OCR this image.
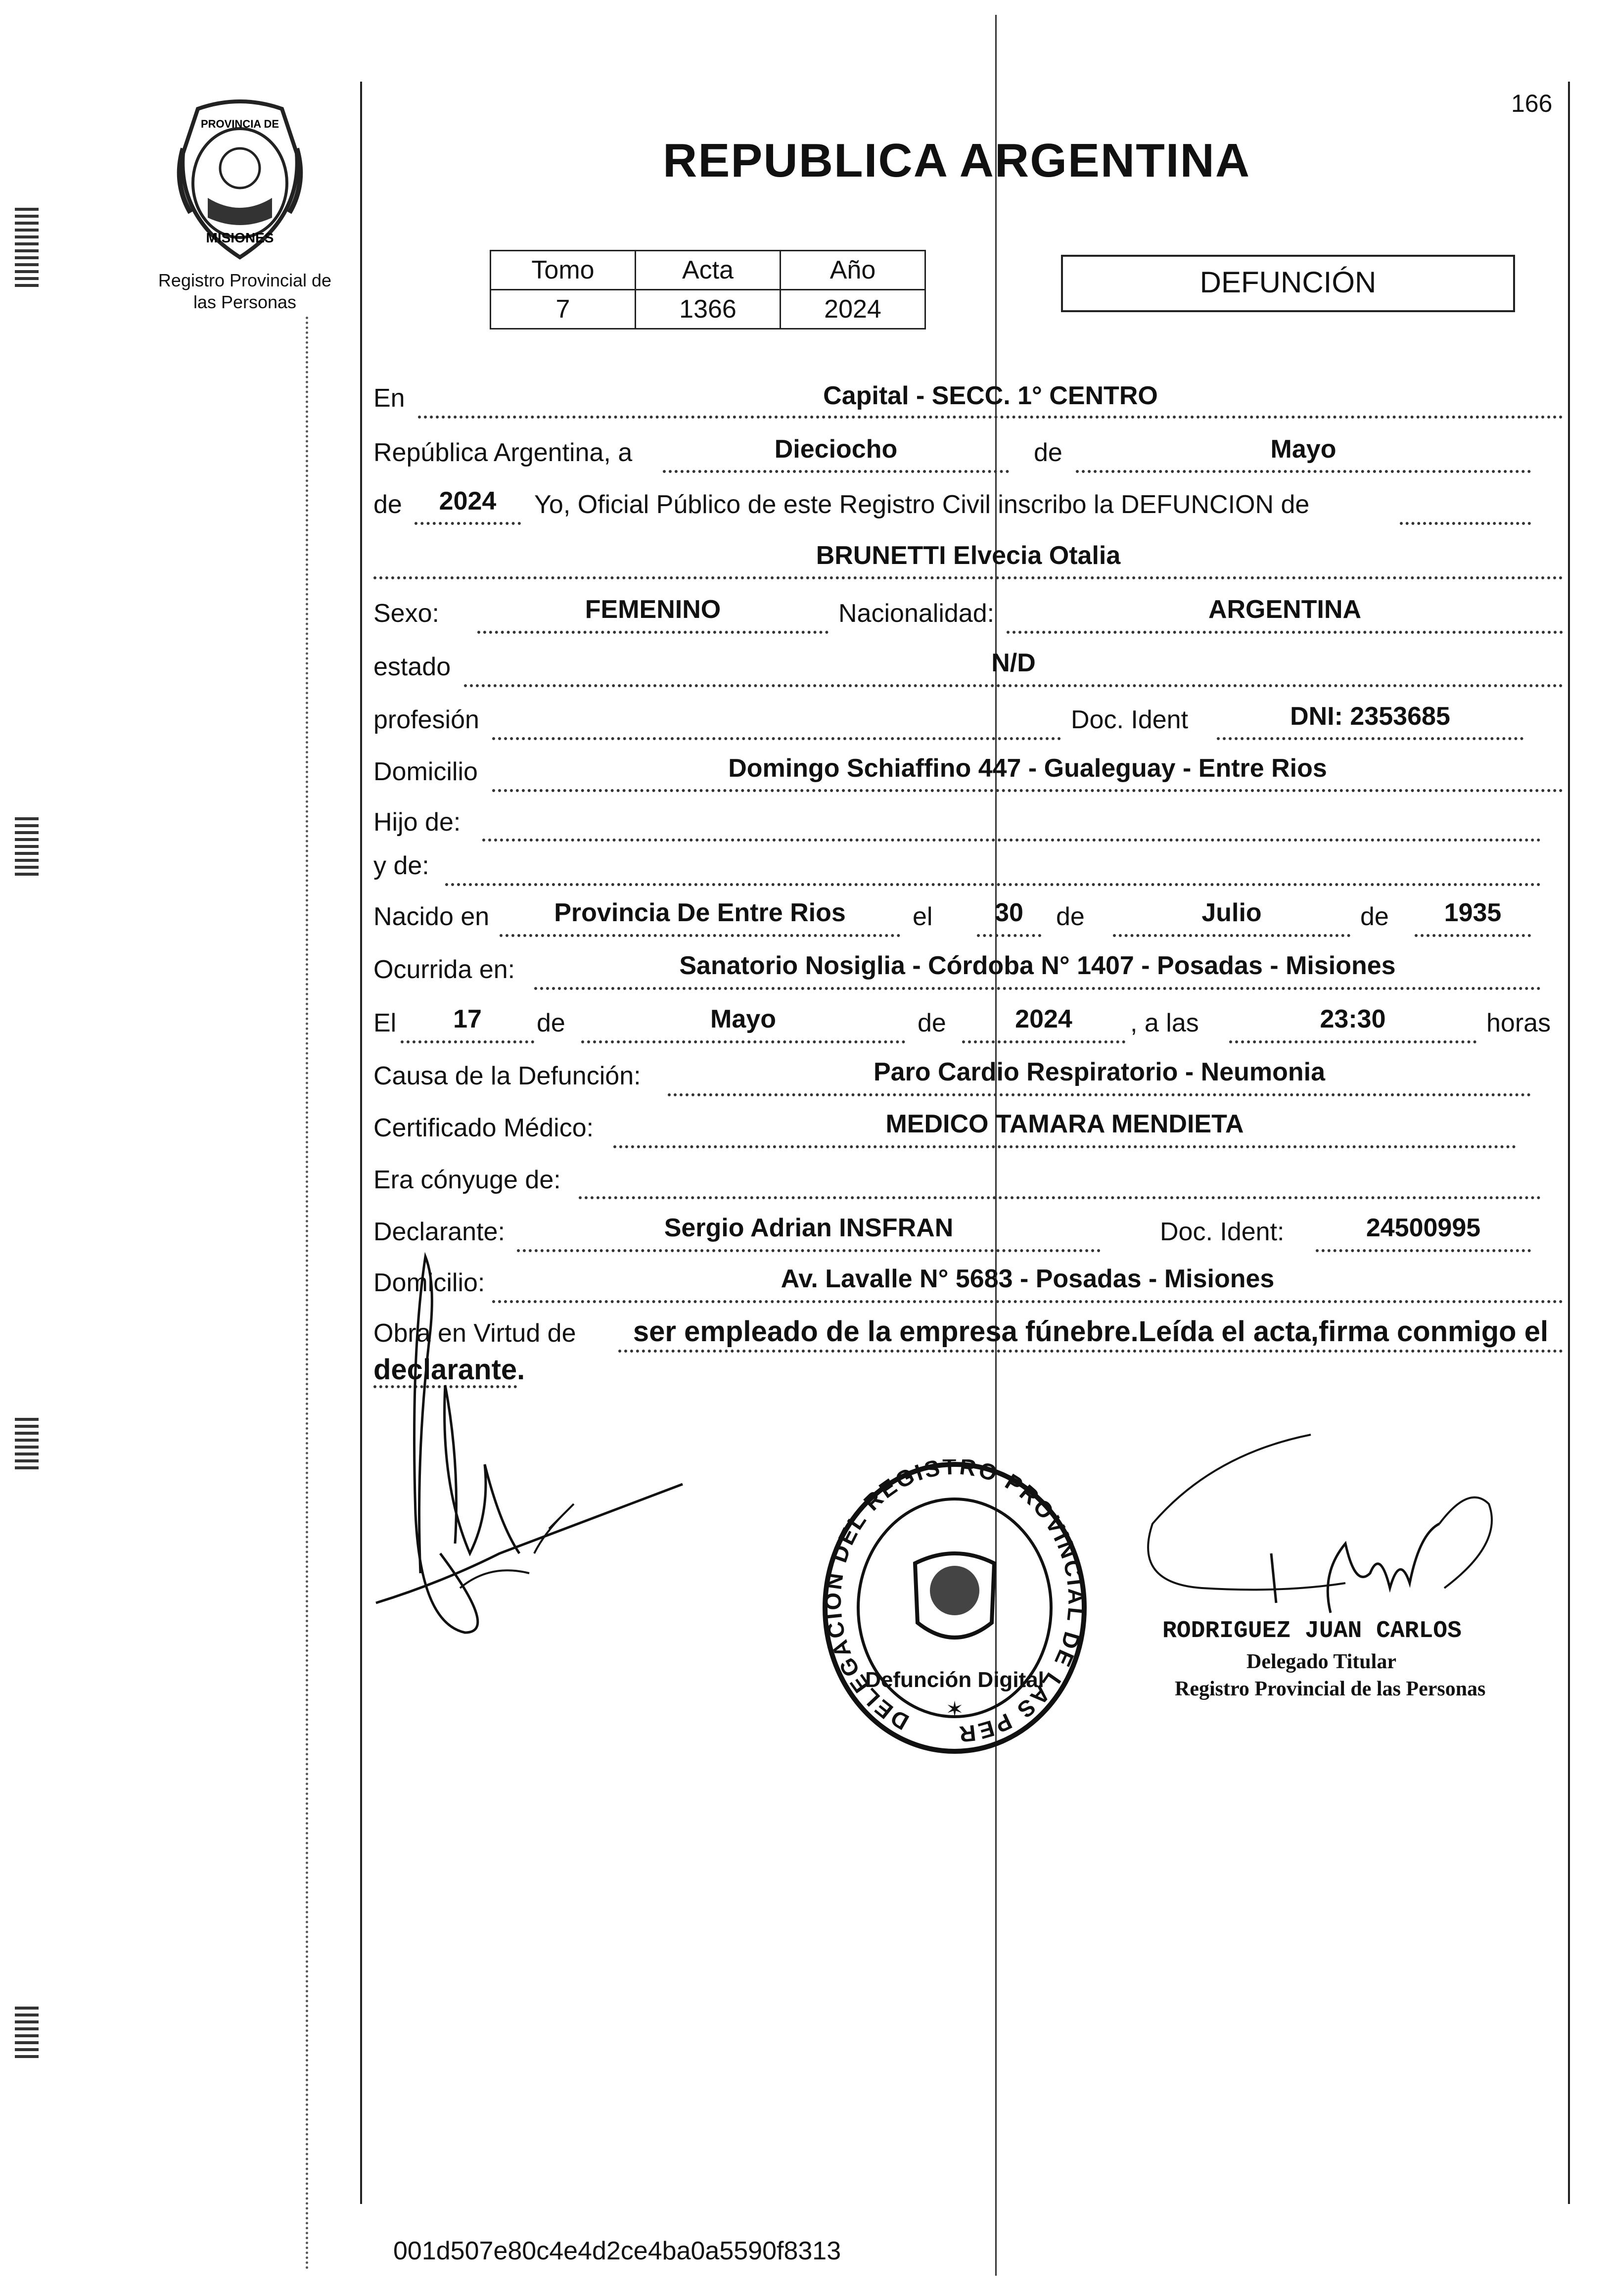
PROVINCIA DE
MISIONES
Registro Provincial de
las Personas
166
REPUBLICA ARGENTINA
Tomo	Acta	Año
7	1366	2024
DEFUNCIÓN
En	Capital - SECC. 1° CENTRO
República Argentina, a	Dieciocho	de	Mayo
de	2024	Yo, Oficial Público de este Registro Civil inscribo la DEFUNCION de
BRUNETTI Elvecia Otalia
Sexo:	FEMENINO	Nacionalidad:	ARGENTINA
estado	N/D
profesión	Doc. Ident	DNI: 2353685
Domicilio	Domingo Schiaffino 447 - Gualeguay - Entre Rios
Hijo de:
y de:
Nacido en	Provincia De Entre Rios	el	30	de	Julio	de	1935
Ocurrida en:	Sanatorio Nosiglia - Córdoba N° 1407 - Posadas - Misiones
El	17	de	Mayo	de	2024	, a las	23:30	horas
Causa de la Defunción:	Paro Cardio Respiratorio - Neumonia
Certificado Médico:	MEDICO TAMARA MENDIETA
Era cónyuge de:
Declarante:	Sergio Adrian INSFRAN	Doc. Ident:	24500995
Domicilio:	Av. Lavalle N° 5683 - Posadas - Misiones
Obra en Virtud de	ser empleado de la empresa fúnebre.Leída el acta,firma conmigo el
declarante.
DELEGACION DEL REGISTRO PROVINCIAL DE LAS PER
Defunción Digital
✶
RODRIGUEZ JUAN CARLOS
Delegado Titular
Registro Provincial de las Personas
001d507e80c4e4d2ce4ba0a5590f8313
